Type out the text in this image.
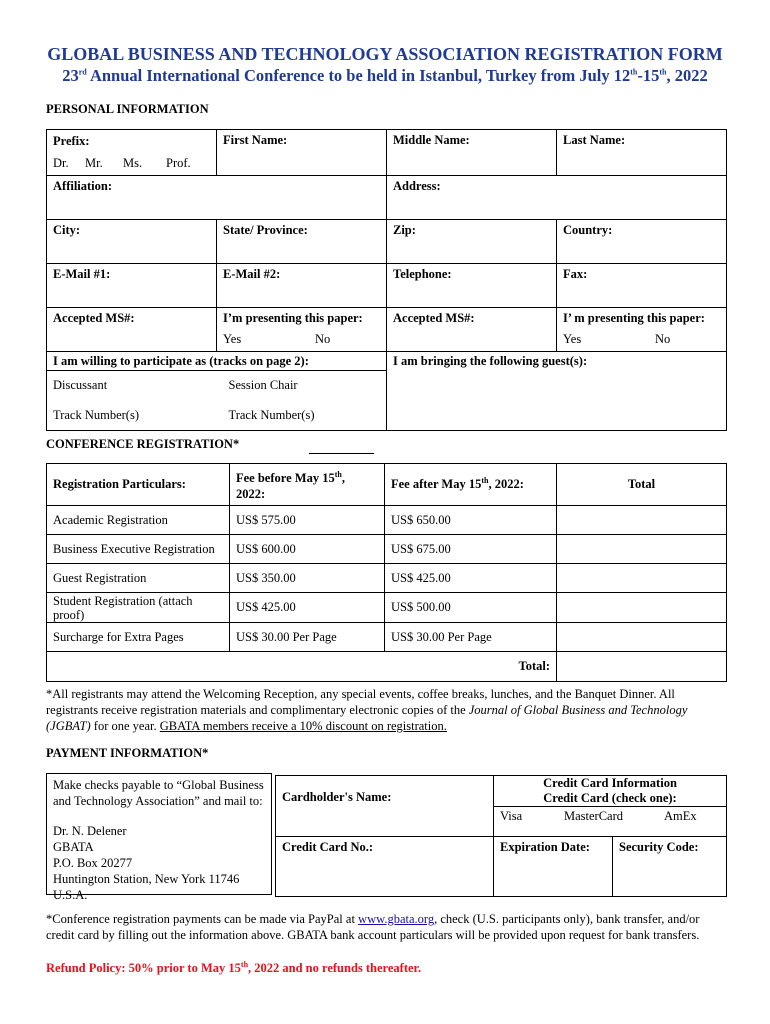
GLOBAL BUSINESS AND TECHNOLOGY ASSOCIATION REGISTRATION FORM
23rd Annual International Conference to be held in Istanbul, Turkey from July 12th-15th, 2022
PERSONAL INFORMATION
Prefix:	First Name:	Middle Name:	Last Name:
Dr. Mr. Ms. Prof.			
Affiliation:		Address:	

City:	State/ Province:	Zip:	Country:

E-Mail #1:	E-Mail #2:	Telephone:	Fax:

Accepted MS#:	I’m presenting this paper:	Accepted MS#:	I’ m presenting this paper:
	Yes No		Yes No
I am willing to participate as (tracks on page 2):		I am bringing the following guest(s):	
Discussant	Session Chair		
Track Number(s)	Track Number(s)		
CONFERENCE REGISTRATION*
Registration Particulars:	Fee before May 15th,
2022:	Fee after May 15th, 2022:	Total
Academic Registration	US$ 575.00	US$ 650.00	
Business Executive Registration	US$ 600.00	US$ 675.00	
Guest Registration	US$ 350.00	US$ 425.00	
Student Registration (attach proof)	US$ 425.00	US$ 500.00	
Surcharge for Extra Pages	US$ 30.00 Per Page	US$ 30.00 Per Page	
Total:			
*All registrants may attend the Welcoming Reception, any special events, coffee breaks, lunches, and the Banquet Dinner. All registrants receive registration materials and complimentary electronic copies of the Journal of Global Business and Technology (JGBAT) for one year. GBATA members receive a 10% discount on registration.
PAYMENT INFORMATION*
Make checks payable to “Global Business and Technology Association” and mail to:
Dr. N. Delener
GBATA
P.O. Box 20277
Huntington Station, New York 11746
U.S.A.
Cardholder's Name:	Credit Card Information
Credit Card (check one):	

	Visa MasterCard AmEx	
Credit Card No.:	Expiration Date:	Security Code:

*Conference registration payments can be made via PayPal at www.gbata.org, check (U.S. participants only), bank transfer, and/or credit card by filling out the information above. GBATA bank account particulars will be provided upon request for bank transfers.
Refund Policy: 50% prior to May 15th, 2022 and no refunds thereafter.
